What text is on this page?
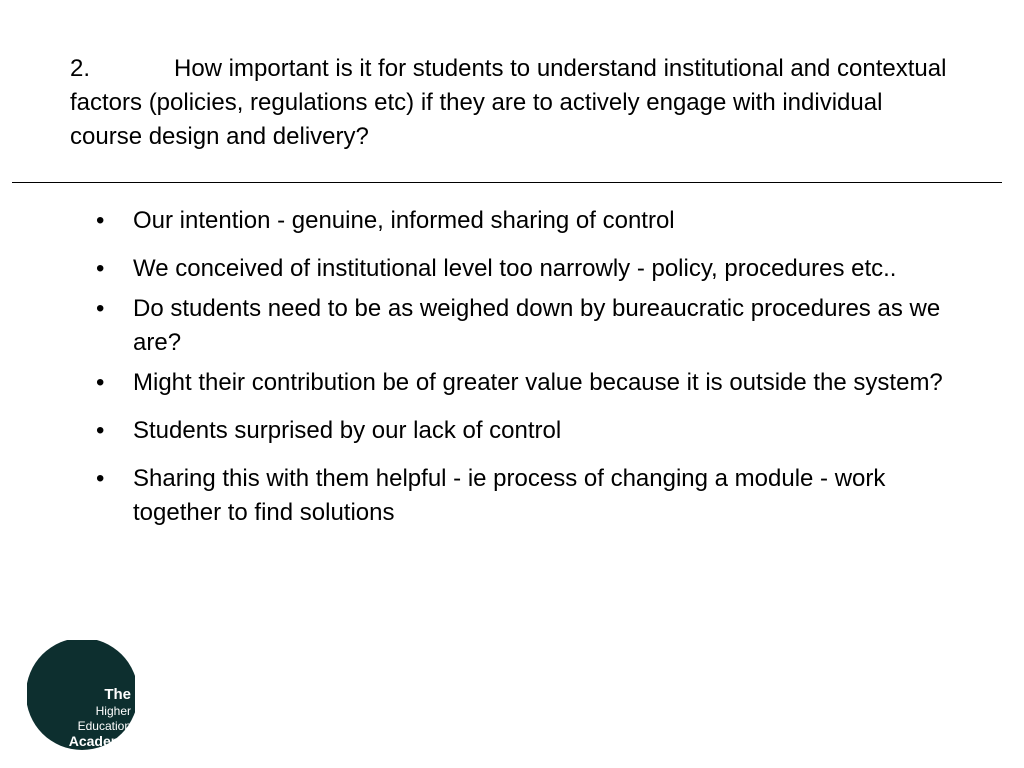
2.	How important is it for students to understand institutional and contextual factors (policies, regulations etc) if they are to actively engage with individual course design and delivery?
• Our intention - genuine, informed sharing of control
• We conceived of institutional level too narrowly - policy, procedures etc..
• Do students need to be as weighed down by bureaucratic procedures as we are?
• Might their contribution be of greater value because it is outside the system?
• Students surprised by our lack of control
• Sharing this with them helpful - ie process of changing a module - work together to find solutions
The
Higher
Education
Academy
